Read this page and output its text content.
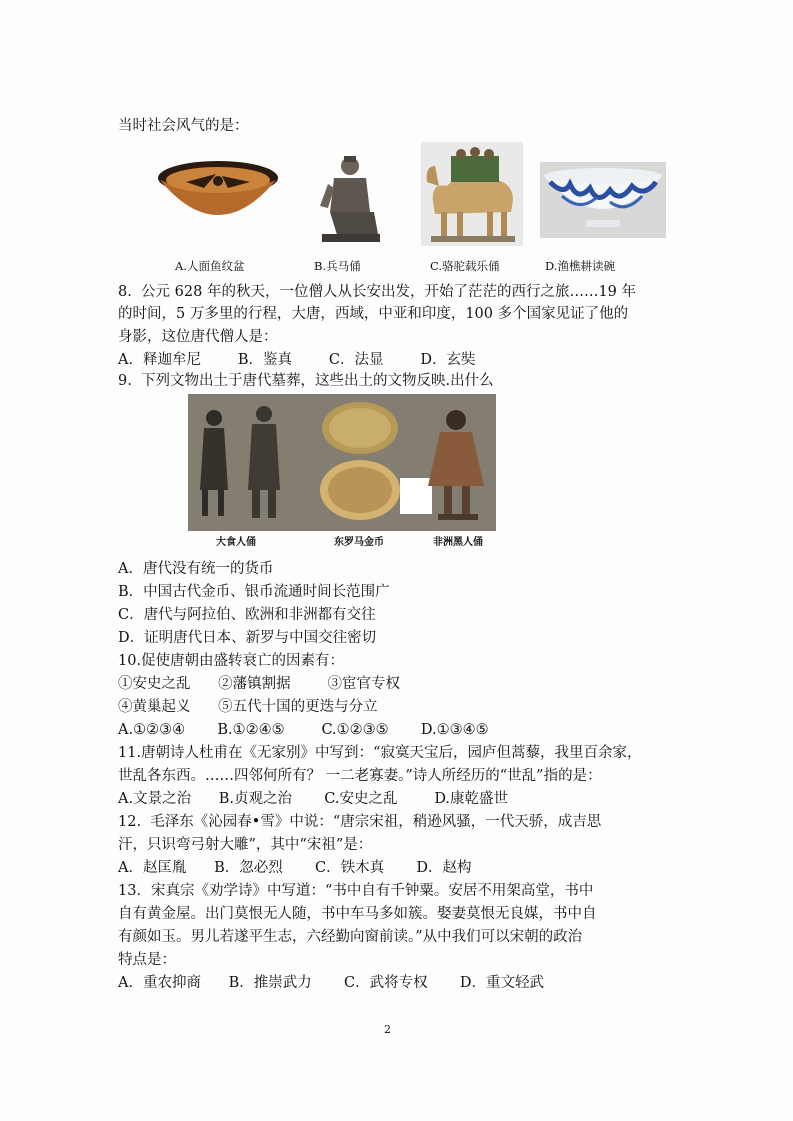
当时社会风气的是：
A.人面鱼纹盆	B.兵马俑	C.骆驼载乐俑	D.渔樵耕读碗
8.  公元 628 年的秋天，一位僧人从长安出发，开始了茫茫的西行之旅……19 年
的时间，5 万多里的行程，大唐，西域，中亚和印度，100 多个国家见证了他的
身影，这位唐代僧人是：
A．释迦牟尼        B．鉴真        C．法显        D．玄奘
9.  下列文物出土于唐代墓葬，这些出土的文物反映.出什么
大食人俑	东罗马金币	非洲黑人俑
A．唐代没有统一的货币
B．中国古代金币、银币流通时间长范围广
C．唐代与阿拉伯、欧洲和非洲都有交往
D．证明唐代日本、新罗与中国交往密切
10.促使唐朝由盛转衰亡的因素有：
①安史之乱      ②藩镇割据        ③宦官专权
④黄巢起义      ⑤五代十国的更迭与分立
A.①②③④       B.①②④⑤        C.①②③⑤       D.①③④⑤
11.唐朝诗人杜甫在《无家别》中写到：“寂寞天宝后，园庐但蒿藜，我里百余家，
世乱各东西。……四邻何所有？ 一二老寡妻。”诗人所经历的“世乱”指的是：
A.文景之治      B.贞观之治       C.安史之乱        D.康乾盛世
12.  毛泽东《沁园春•雪》中说：“唐宗宋祖，稍逊风骚，一代天骄，成吉思
汗，只识弯弓射大雕”，其中“宋祖”是：
A．赵匡胤      B．忽必烈       C．铁木真       D．赵构
13．宋真宗《劝学诗》中写道：“书中自有千钟粟。安居不用架高堂，书中
自有黄金屋。出门莫恨无人随，书中车马多如簇。娶妻莫恨无良媒，书中自
有颜如玉。男儿若遂平生志，六经勤向窗前读。”从中我们可以宋朝的政治
特点是：
A．重农抑商      B．推崇武力       C．武将专权       D．重文轻武
2
